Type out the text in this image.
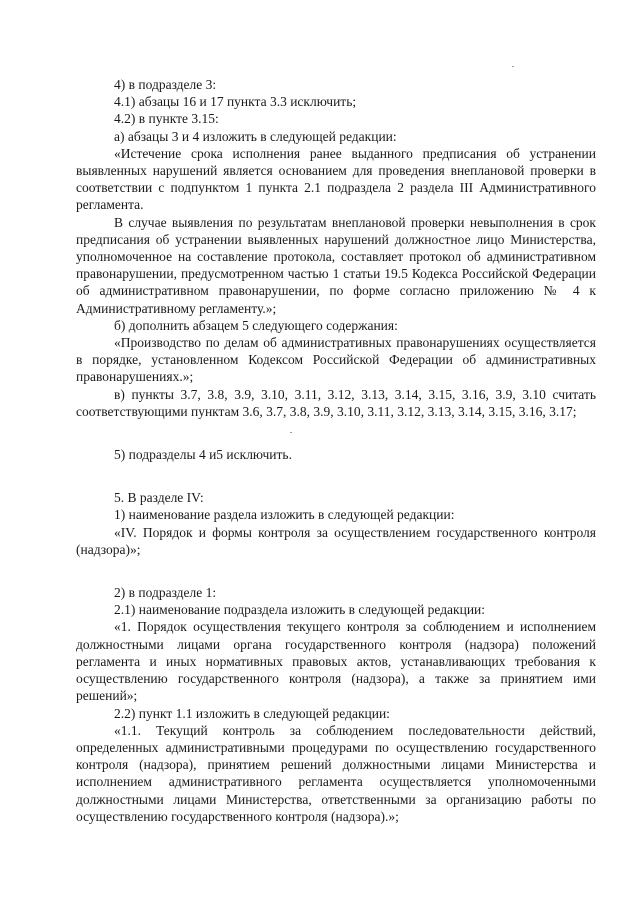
4) в подразделе 3:

4.1) абзацы 16 и 17 пункта 3.3 исключить;

4.2) в пункте 3.15:

а) абзацы 3 и 4 изложить в следующей редакции:

«Истечение срока исполнения ранее выданного предписания об устранении выявленных нарушений является основанием для проведения внеплановой проверки в соответствии с подпунктом 1 пункта 2.1 подраздела 2 раздела III Административного регламента.

В случае выявления по результатам внеплановой проверки невыполнения в срок предписания об устранении выявленных нарушений должностное лицо Министерства, уполномоченное на составление протокола, составляет протокол об административном правонарушении, предусмотренном частью 1 статьи 19.5 Кодекса Российской Федерации об административном правонарушении, по форме согласно приложению № 4 к Административному регламенту.»;

б) дополнить абзацем 5 следующего содержания:

«Производство по делам об административных правонарушениях осуществляется в порядке, установленном Кодексом Российской Федерации об административных правонарушениях.»;

в) пункты 3.7, 3.8, 3.9, 3.10, 3.11, 3.12, 3.13, 3.14, 3.15, 3.16, 3.9, 3.10 считать соответствующими пунктам 3.6, 3.7, 3.8, 3.9, 3.10, 3.11, 3.12, 3.13, 3.14, 3.15, 3.16, 3.17;

5) подразделы 4 и5 исключить.

5. В разделе IV:

1) наименование раздела изложить в следующей редакции:

«IV. Порядок и формы контроля за осуществлением государственного контроля (надзора)»;

2) в подразделе 1:

2.1) наименование подраздела изложить в следующей редакции:

«1. Порядок осуществления текущего контроля за соблюдением и исполнением должностными лицами органа государственного контроля (надзора) положений регламента и иных нормативных правовых актов, устанавливающих требования к осуществлению государственного контроля (надзора), а также за принятием ими решений»;

2.2) пункт 1.1 изложить в следующей редакции:

«1.1. Текущий контроль за соблюдением последовательности действий, определенных административными процедурами по осуществлению государственного контроля (надзора), принятием решений должностными лицами Министерства и исполнением административного регламента осуществляется уполномоченными должностными лицами Министерства, ответственными за организацию работы по осуществлению государственного контроля (надзора).»;
